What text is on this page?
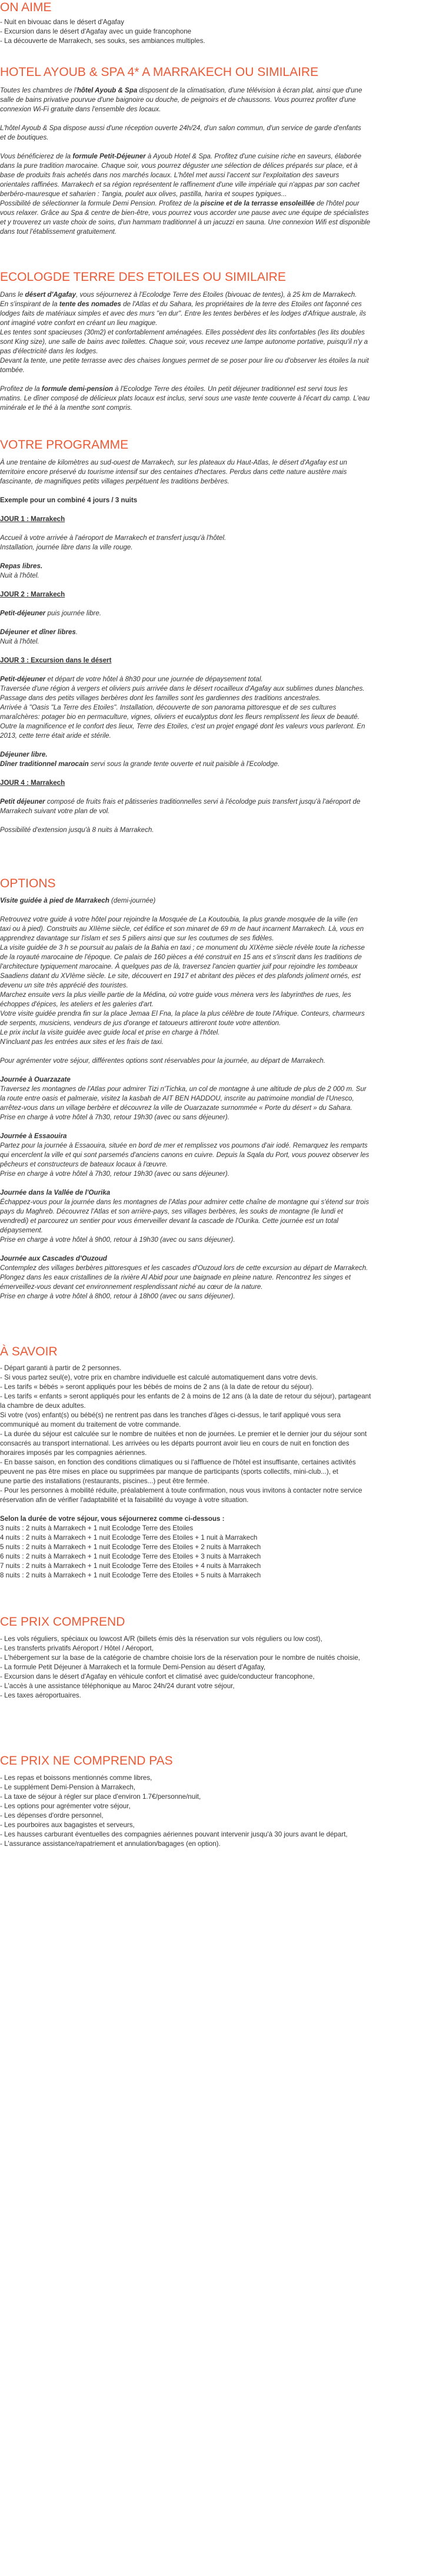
ON AIME
HOTEL AYOUB & SPA 4* A MARRAKECH OU SIMILAIRE
ECOLOGDE TERRE DES ETOILES OU SIMILAIRE
VOTRE PROGRAMME
OPTIONS
À SAVOIR
CE PRIX COMPREND
CE PRIX NE COMPREND PAS
- Nuit en bivouac dans le désert d'Agafay
- Excursion dans le désert d'Agafay avec un guide francophone
- La découverte de Marrakech, ses souks, ses ambiances multiples.
Toutes les chambres de l'hôtel Ayoub & Spa disposent de la climatisation, d'une télévision à écran plat, ainsi que d'une
salle de bains privative pourvue d'une baignoire ou douche, de peignoirs et de chaussons. Vous pourrez profiter d'une
connexion Wi-Fi gratuite dans l'ensemble des locaux.
L'hôtel Ayoub & Spa dispose aussi d'une réception ouverte 24h/24, d'un salon commun, d'un service de garde d'enfants
et de boutiques.
Vous bénéficierez de la formule Petit-Déjeuner à Ayoub Hotel & Spa. Profitez d'une cuisine riche en saveurs, élaborée
dans la pure tradition marocaine. Chaque soir, vous pourrez déguster une sélection de délices préparés sur place, et à
base de produits frais achetés dans nos marchés locaux. L'hôtel met aussi l'accent sur l'exploitation des saveurs
orientales raffinées. Marrakech et sa région représentent le raffinement d'une ville impériale qui n'appas par son cachet
berbéro-mauresque et saharien : Tangia, poulet aux olives, pastilla, harira et soupes typiques...
Possibilité de sélectionner la formule Demi Pension. Profitez de la piscine et de la terrasse ensoleillée de l'hôtel pour
vous relaxer. Grâce au Spa & centre de bien-être, vous pourrez vous accorder une pause avec une équipe de spécialistes
et y trouverez un vaste choix de soins, d'un hammam traditionnel à un jacuzzi en sauna. Une connexion Wifi est disponible
dans tout l'établissement gratuitement.
Dans le désert d'Agafay, vous séjournerez à l'Ecolodge Terre des Etoiles (bivouac de tentes), à 25 km de Marrakech.
En s'inspirant de la tente des nomades de l'Atlas et du Sahara, les propriétaires de la terre des Etoiles ont façonné ces
lodges faits de matériaux simples et avec des murs "en dur". Entre les tentes berbères et les lodges d'Afrique australe, ils
ont imaginé votre confort en créant un lieu magique.
Les tentes sont spacieuses (30m2) et confortablement aménagées. Elles possèdent des lits confortables (les lits doubles
sont King size), une salle de bains avec toilettes. Chaque soir, vous recevez une lampe autonome portative, puisqu'il n'y a
pas d'électricité dans les lodges.
Devant la tente, une petite terrasse avec des chaises longues permet de se poser pour lire ou d'observer les étoiles la nuit
tombée.
Profitez de la formule demi-pension à l'Ecolodge Terre des étoiles. Un petit déjeuner traditionnel est servi tous les
matins. Le dîner composé de délicieux plats locaux est inclus, servi sous une vaste tente couverte à l'écart du camp. L'eau
minérale et le thé à la menthe sont compris.
À une trentaine de kilomètres au sud-ouest de Marrakech, sur les plateaux du Haut-Atlas, le désert d'Agafay est un
territoire encore préservé du tourisme intensif sur des centaines d'hectares. Perdus dans cette nature austère mais
fascinante, de magnifiques petits villages perpétuent les traditions berbères.
Exemple pour un combiné 4 jours / 3 nuits
JOUR 1 : Marrakech
Accueil à votre arrivée à l'aéroport de Marrakech et transfert jusqu'à l'hôtel.
Installation, journée libre dans la ville rouge.
Repas libres.
Nuit à l'hôtel.
JOUR 2 : Marrakech
Petit-déjeuner puis journée libre.
Déjeuner et dîner libres.
Nuit à l'hôtel.
JOUR 3 : Excursion dans le désert
Petit-déjeuner et départ de votre hôtel à 8h30 pour une journée de dépaysement total.
Traversée d'une région à vergers et oliviers puis arrivée dans le désert rocailleux d'Agafay aux sublimes dunes blanches.
Passage dans des petits villages berbères dont les familles sont les gardiennes des traditions ancestrales.
Arrivée à "Oasis "La Terre des Etoiles". Installation, découverte de son panorama pittoresque et de ses cultures
maraîchères: potager bio en permaculture, vignes, oliviers et eucalyptus dont les fleurs remplissent les lieux de beauté.
Outre la magnificence et le confort des lieux, Terre des Etoiles, c'est un projet engagé dont les valeurs vous parleront. En
2013, cette terre était aride et stérile.
Déjeuner libre.
Dîner traditionnel marocain servi sous la grande tente ouverte et nuit paisible à l'Ecolodge.
JOUR 4 : Marrakech
Petit déjeuner composé de fruits frais et pâtisseries traditionnelles servi à l'écolodge puis transfert jusqu'à l'aéroport de
Marrakech suivant votre plan de vol.
Possibilité d'extension jusqu'à 8 nuits à Marrakech.
Visite guidée à pied de Marrakech (demi-journée)
Retrouvez votre guide à votre hôtel pour rejoindre la Mosquée de La Koutoubia, la plus grande mosquée de la ville (en
taxi ou à pied). Construits au XIIème siècle, cet édifice et son minaret de 69 m de haut incarnent Marrakech. Là, vous en
apprendrez davantage sur l'islam et ses 5 piliers ainsi que sur les coutumes de ses fidèles.
La visite guidée de 3 h se poursuit au palais de la Bahia en taxi ; ce monument du XIXème siècle révèle toute la richesse
de la royauté marocaine de l'époque. Ce palais de 160 pièces a été construit en 15 ans et s'inscrit dans les traditions de
l'architecture typiquement marocaine. À quelques pas de là, traversez l'ancien quartier juif pour rejoindre les tombeaux
Saadiens datant du XVIème siècle. Le site, découvert en 1917 et abritant des pièces et des plafonds joliment ornés, est
devenu un site très apprécié des touristes.
Marchez ensuite vers la plus vieille partie de la Médina, où votre guide vous mènera vers les labyrinthes de rues, les
échoppes d'épices, les ateliers et les galeries d'art.
Votre visite guidée prendra fin sur la place Jemaa El Fna, la place la plus célèbre de toute l'Afrique. Conteurs, charmeurs
de serpents, musiciens, vendeurs de jus d'orange et tatoueurs attireront toute votre attention.
Le prix inclut la visite guidée avec guide local et prise en charge à l'hôtel.
N'incluant pas les entrées aux sites et les frais de taxi.
Pour agrémenter votre séjour, différentes options sont réservables pour la journée, au départ de Marrakech.
Journée à Ouarzazate
Traversez les montagnes de l'Atlas pour admirer Tizi n'Tichka, un col de montagne à une altitude de plus de 2 000 m. Sur
la route entre oasis et palmeraie, visitez la kasbah de AIT BEN HADDOU, inscrite au patrimoine mondial de l'Unesco,
arrêtez-vous dans un village berbère et découvrez la ville de Ouarzazate surnommée « Porte du désert » du Sahara.
Prise en charge à votre hôtel à 7h30, retour 19h30 (avec ou sans déjeuner).
Journée à Essaouira
Partez pour la journée à Essaouira, située en bord de mer et remplissez vos poumons d'air iodé. Remarquez les remparts
qui encerclent la ville et qui sont parsemés d'anciens canons en cuivre. Depuis la Sqala du Port, vous pouvez observer les
pêcheurs et constructeurs de bateaux locaux à l'œuvre.
Prise en charge à votre hôtel à 7h30, retour 19h30 (avec ou sans déjeuner).
Journée dans la Vallée de l'Ourika
Échappez-vous pour la journée dans les montagnes de l'Atlas pour admirer cette chaîne de montagne qui s'étend sur trois
pays du Maghreb. Découvrez l'Atlas et son arrière-pays, ses villages berbères, les souks de montagne (le lundi et
vendredi) et parcourez un sentier pour vous émerveiller devant la cascade de l'Ourika. Cette journée est un total
dépaysement.
Prise en charge à votre hôtel à 9h00, retour à 19h30 (avec ou sans déjeuner).
Journée aux Cascades d'Ouzoud
Contemplez des villages berbères pittoresques et les cascades d'Ouzoud lors de cette excursion au départ de Marrakech.
Plongez dans les eaux cristallines de la rivière Al Abid pour une baignade en pleine nature. Rencontrez les singes et
émerveillez-vous devant cet environnement resplendissant niché au cœur de la nature.
Prise en charge à votre hôtel à 8h00, retour à 18h00 (avec ou sans déjeuner).
- Départ garanti à partir de 2 personnes.
- Si vous partez seul(e), votre prix en chambre individuelle est calculé automatiquement dans votre devis.
- Les tarifs « bébés » seront appliqués pour les bébés de moins de 2 ans (à la date de retour du séjour).
- Les tarifs « enfants » seront appliqués pour les enfants de 2 à moins de 12 ans (à la date de retour du séjour), partageant
la chambre de deux adultes.
Si votre (vos) enfant(s) ou bébé(s) ne rentrent pas dans les tranches d'âges ci-dessus, le tarif appliqué vous sera
communiqué au moment du traitement de votre commande.
- La durée du séjour est calculée sur le nombre de nuitées et non de journées. Le premier et le dernier jour du séjour sont
consacrés au transport international. Les arrivées ou les départs pourront avoir lieu en cours de nuit en fonction des
horaires imposés par les compagnies aériennes.
- En basse saison, en fonction des conditions climatiques ou si l'affluence de l'hôtel est insuffisante, certaines activités
peuvent ne pas être mises en place ou supprimées par manque de participants (sports collectifs, mini-club...), et
une partie des installations (restaurants, piscines...) peut être fermée.
- Pour les personnes à mobilité réduite, préalablement à toute confirmation, nous vous invitons à contacter notre service
réservation afin de vérifier l'adaptabilité et la faisabilité du voyage à votre situation.
Selon la durée de votre séjour, vous séjournerez comme ci-dessous :
3 nuits : 2 nuits à Marrakech + 1 nuit Ecolodge Terre des Etoiles
4 nuits : 2 nuits à Marrakech + 1 nuit Ecolodge Terre des Etoiles + 1 nuit à Marrakech
5 nuits : 2 nuits à Marrakech + 1 nuit Ecolodge Terre des Etoiles + 2 nuits à Marrakech
6 nuits : 2 nuits à Marrakech + 1 nuit Ecolodge Terre des Etoiles + 3 nuits à Marrakech
7 nuits : 2 nuits à Marrakech + 1 nuit Ecolodge Terre des Etoiles + 4 nuits à Marrakech
8 nuits : 2 nuits à Marrakech + 1 nuit Ecolodge Terre des Etoiles + 5 nuits à Marrakech
- Les vols réguliers, spéciaux ou lowcost A/R (billets émis dès la réservation sur vols réguliers ou low cost),
- Les transferts privatifs Aéroport / Hôtel / Aéroport,
- L'hébergement sur la base de la catégorie de chambre choisie lors de la réservation pour le nombre de nuités choisie,
- La formule Petit Déjeuner à Marrakech et la formule Demi-Pension au désert d'Agafay,
- Excursion dans le désert d'Agafay en véhicule confort et climatisé avec guide/conducteur francophone,
- L'accès à une assistance téléphonique au Maroc 24h/24 durant votre séjour,
- Les taxes aéroportuaires.
- Les repas et boissons mentionnés comme libres,
- Le supplément Demi-Pension à Marrakech,
- La taxe de séjour à régler sur place d'environ 1.7€/personne/nuit,
- Les options pour agrémenter votre séjour,
- Les dépenses d'ordre personnel,
- Les pourboires aux bagagistes et serveurs,
- Les hausses carburant éventuelles des compagnies aériennes pouvant intervenir jusqu'à 30 jours avant le départ,
- L'assurance assistance/rapatriement et annulation/bagages (en option).
